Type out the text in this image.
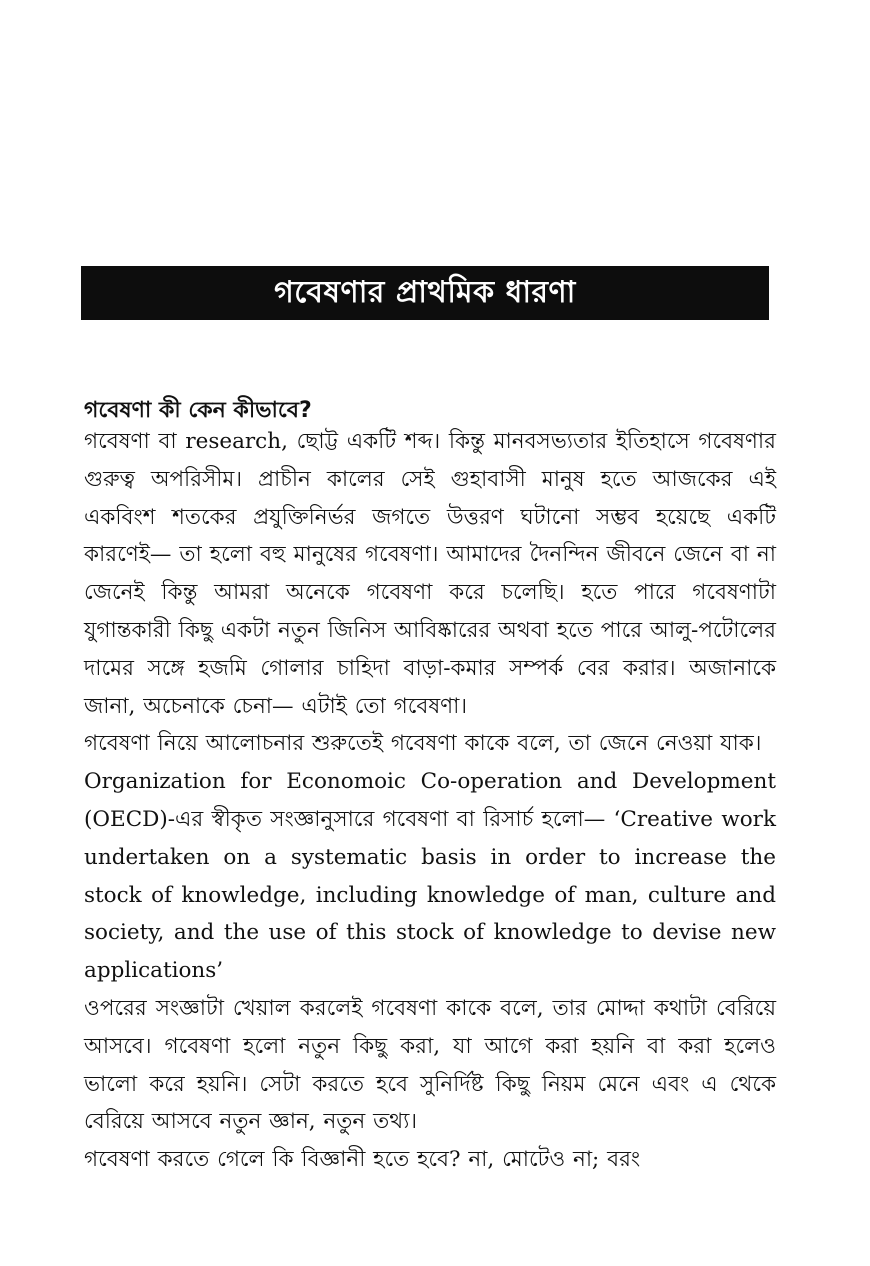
গবেষণার প্রাথমিক ধারণা
গবেষণা কী কেন কীভাবে?

গবেষণা বা research, ছোট্ট একটি শব্দ। কিন্তু মানবসভ্যতার ইতিহাসে গবেষণার গুরুত্ব অপরিসীম। প্রাচীন কালের সেই গুহাবাসী মানুষ হতে আজকের এই একবিংশ শতকের প্রযুক্তিনির্ভর জগতে উত্তরণ ঘটানো সম্ভব হয়েছে একটি কারণেই— তা হলো বহু মানুষের গবেষণা। আমাদের দৈনন্দিন জীবনে জেনে বা না জেনেই কিন্তু আমরা অনেকে গবেষণা করে চলেছি। হতে পারে গবেষণাটা যুগান্তকারী কিছু একটা নতুন জিনিস আবিষ্কারের অথবা হতে পারে আলু-পটোলের দামের সঙ্গে হজমি গোলার চাহিদা বাড়া-কমার সম্পর্ক বের করার। অজানাকে জানা, অচেনাকে চেনা— এটাই তো গবেষণা।

গবেষণা নিয়ে আলোচনার শুরুতেই গবেষণা কাকে বলে, তা জেনে নেওয়া যাক।

Organization for Economoic Co-operation and Development (OECD)-এর স্বীকৃত সংজ্ঞানুসারে গবেষণা বা রিসার্চ হলো— ‘Creative work undertaken on a systematic basis in order to increase the stock of knowledge, including knowledge of man, culture and society, and the use of this stock of knowledge to devise new applications’

ওপরের সংজ্ঞাটা খেয়াল করলেই গবেষণা কাকে বলে, তার মোদ্দা কথাটা বেরিয়ে আসবে। গবেষণা হলো নতুন কিছু করা, যা আগে করা হয়নি বা করা হলেও ভালো করে হয়নি। সেটা করতে হবে সুনির্দিষ্ট কিছু নিয়ম মেনে এবং এ থেকে বেরিয়ে আসবে নতুন জ্ঞান, নতুন তথ্য।

গবেষণা করতে গেলে কি বিজ্ঞানী হতে হবে? না, মোটেও না; বরং
